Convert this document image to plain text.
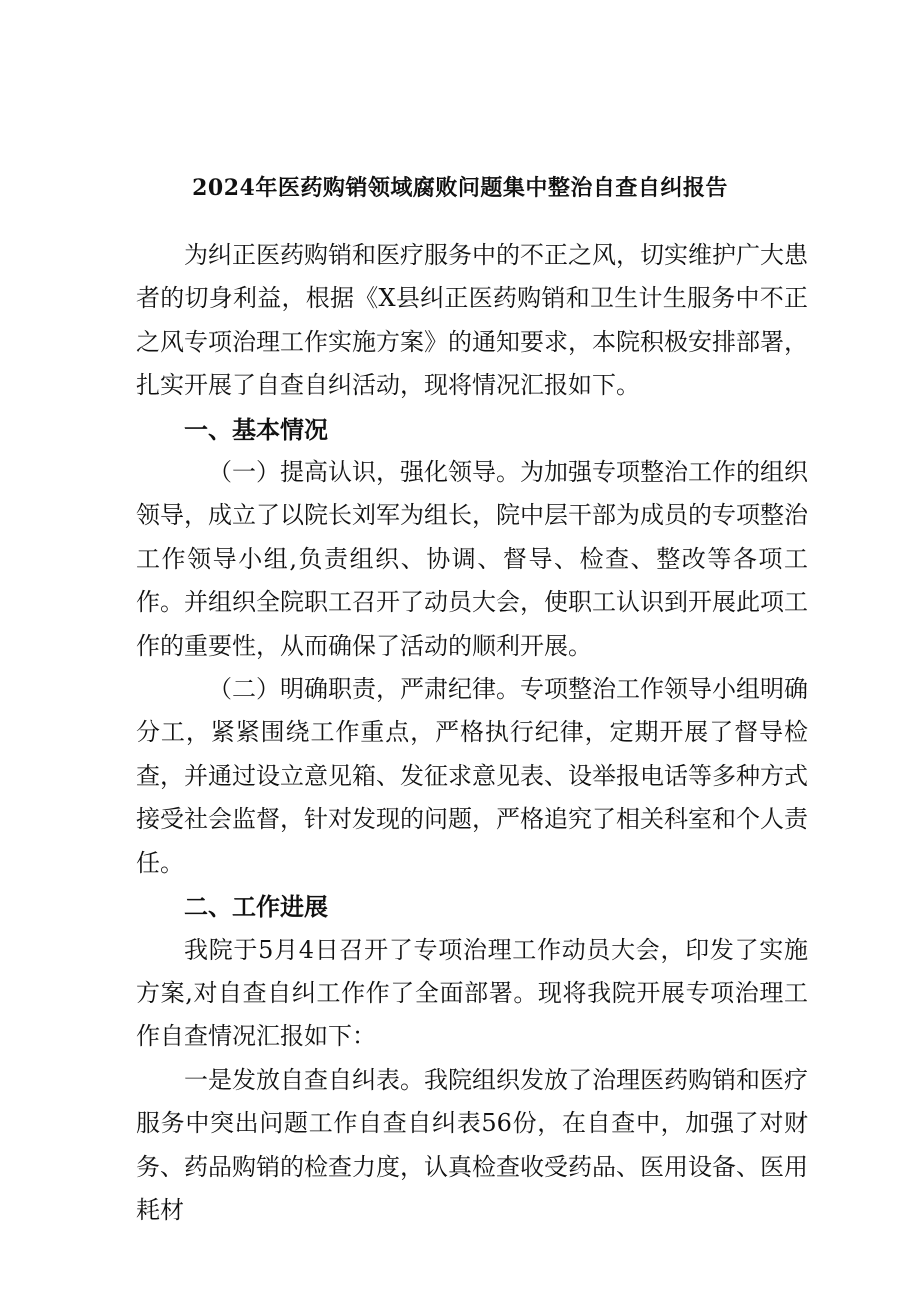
2024年医药购销领域腐败问题集中整治自查自纠报告

为纠正医药购销和医疗服务中的不正之风，切实维护广大患者的切身利益，根据《X县纠正医药购销和卫生计生服务中不正之风专项治理工作实施方案》的通知要求，本院积极安排部署，扎实开展了自查自纠活动，现将情况汇报如下。

一、基本情况

（一）提高认识，强化领导。为加强专项整治工作的组织领导，成立了以院长刘军为组长，院中层干部为成员的专项整治工作领导小组,负责组织、协调、督导、检查、整改等各项工作。并组织全院职工召开了动员大会，使职工认识到开展此项工作的重要性，从而确保了活动的顺利开展。

（二）明确职责，严肃纪律。专项整治工作领导小组明确分工，紧紧围绕工作重点，严格执行纪律，定期开展了督导检查，并通过设立意见箱、发征求意见表、设举报电话等多种方式接受社会监督，针对发现的问题，严格追究了相关科室和个人责任。

二、工作进展

我院于5月4日召开了专项治理工作动员大会，印发了实施方案,对自查自纠工作作了全面部署。现将我院开展专项治理工作自查情况汇报如下：

一是发放自查自纠表。我院组织发放了治理医药购销和医疗服务中突出问题工作自查自纠表56份，在自查中，加强了对财务、药品购销的检查力度，认真检查收受药品、医用设备、医用耗材
